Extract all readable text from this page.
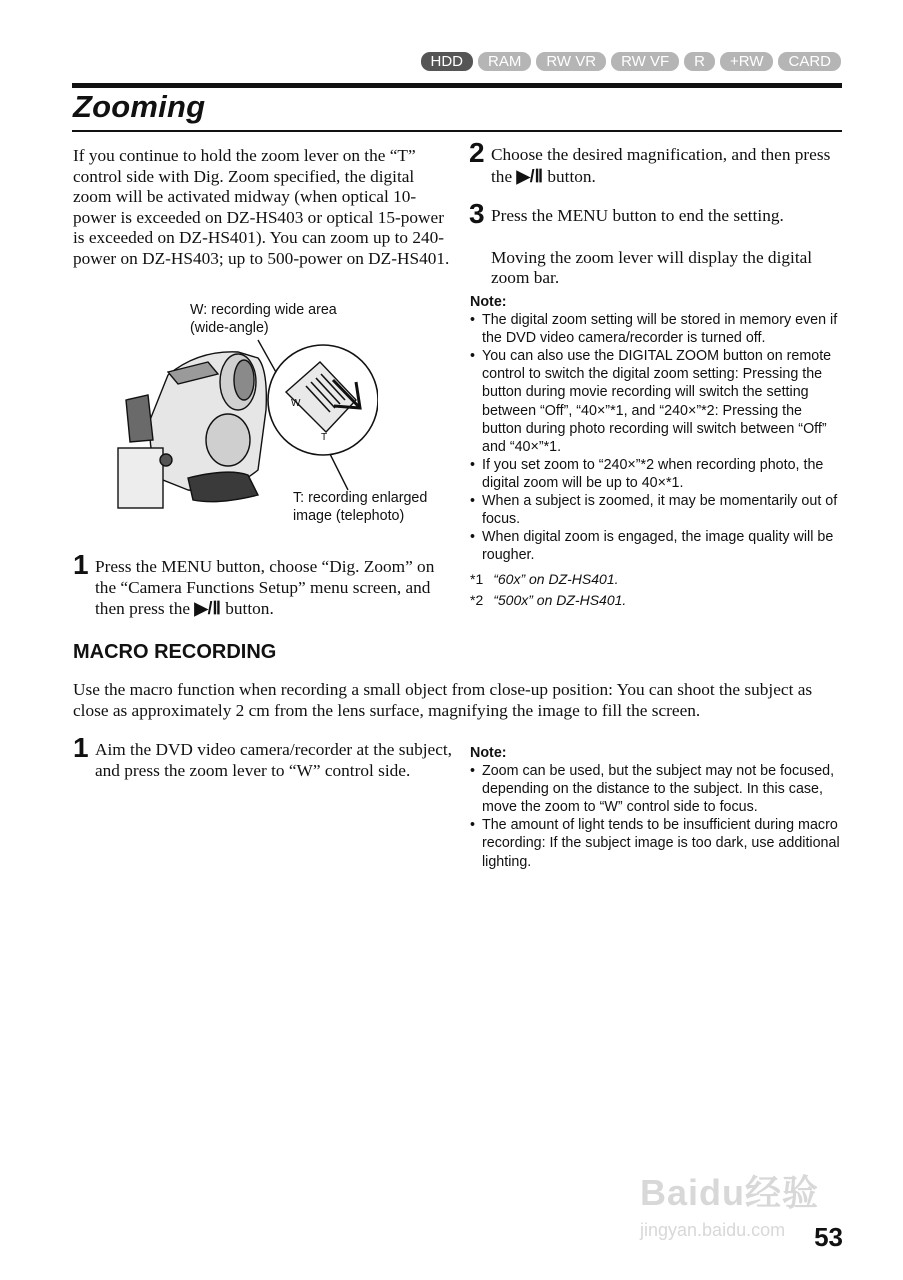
HDD	RAM	RW VR	RW VF	R	+RW	CARD
Zooming

If you continue to hold the zoom lever on the “T” control side with Dig. Zoom specified, the digital zoom will be activated midway (when optical 10-power is exceeded on DZ-HS403 or optical 15-power is exceeded on DZ-HS401). You can zoom up to 240-power on DZ-HS403; up to 500-power on DZ-HS401.

W: recording wide area
(wide-angle)
T: recording enlarged
image (telephoto)
W
T
1 Press the MENU button, choose “Dig. Zoom” on the “Camera Functions Setup” menu screen, and then press the ▶/Ⅱ button.
2 Choose the desired magnification, and then press the ▶/Ⅱ button.
3 Press the MENU button to end the setting.
Moving the zoom lever will display the digital zoom bar.
Note:
• The digital zoom setting will be stored in memory even if the DVD video camera/recorder is turned off.
• You can also use the DIGITAL ZOOM button on remote control to switch the digital zoom setting: Pressing the button during movie recording will switch the setting between “Off”, “40×”*1, and “240×”*2: Pressing the button during photo recording will switch between “Off” and “40×”*1.
• If you set zoom to “240×”*2 when recording photo, the digital zoom will be up to 40×*1.
• When a subject is zoomed, it may be momentarily out of focus.
• When digital zoom is engaged, the image quality will be rougher.
*1 “60x” on DZ-HS401.
*2 “500x” on DZ-HS401.
MACRO RECORDING

Use the macro function when recording a small object from close-up position: You can shoot the subject as close as approximately 2 cm from the lens surface, magnifying the image to fill the screen.

1 Aim the DVD video camera/recorder at the subject, and press the zoom lever to “W” control side.
Note:
• Zoom can be used, but the subject may not be focused, depending on the distance to the subject. In this case, move the zoom to “W” control side to focus.
• The amount of light tends to be insufficient during macro recording: If the subject image is too dark, use additional lighting.
Baidu经验
jingyan.baidu.com	53
